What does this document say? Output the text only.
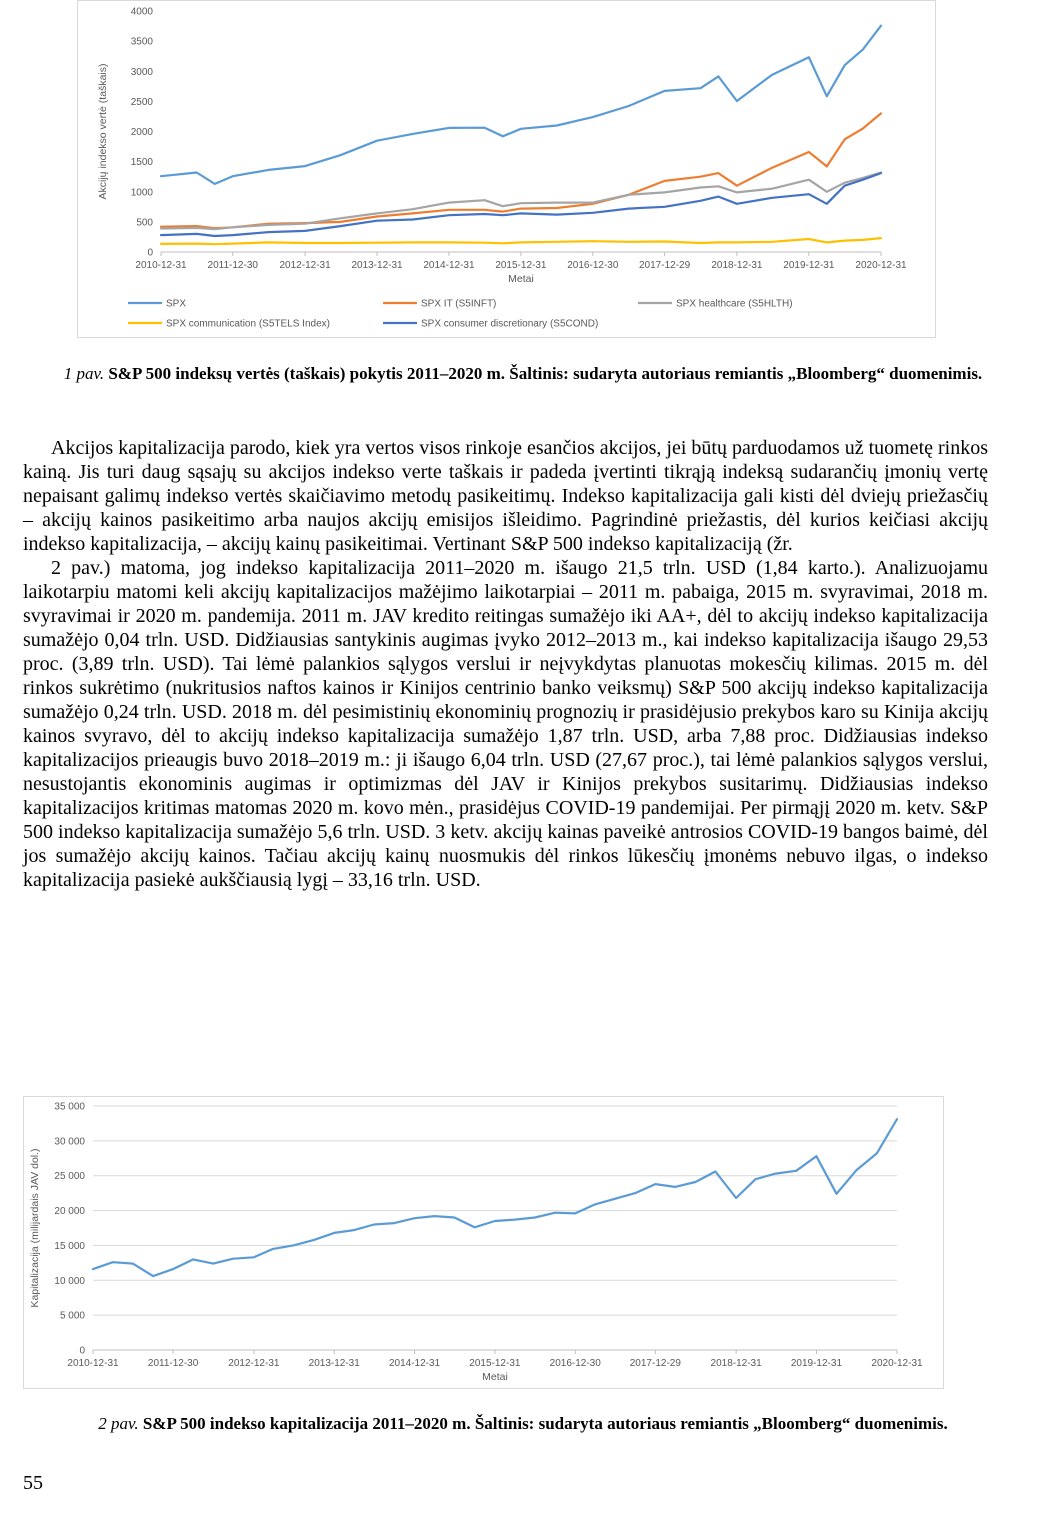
0
500
1000
1500
2000
2500
3000
3500
4000
2010-12-31 2011-12-30 2012-12-31 2013-12-31 2014-12-31 2015-12-31 2016-12-30 2017-12-29 2018-12-31 2019-12-31 2020-12-31
Metai
Akcijų indekso vertė (taškais)
SPX	SPX IT (S5INFT)	SPX healthcare (S5HLTH)
SPX communication (S5TELS Index)	SPX consumer discretionary (S5COND)
1 pav. S&P 500 indeksų vertės (taškais) pokytis 2011–2020 m. Šaltinis: sudaryta autoriaus remiantis „Bloomberg“ duomenimis.

Akcijos kapitalizacija parodo, kiek yra vertos visos rinkoje esančios akcijos, jei būtų parduodamos už tuometę rinkos kainą. Jis turi daug sąsajų su akcijos indekso verte taškais ir padeda įvertinti tikrąją indeksą sudarančių įmonių vertę nepaisant galimų indekso vertės skaičiavimo metodų pasikeitimų. Indekso kapitalizacija gali kisti dėl dviejų priežasčių – akcijų kainos pasikeitimo arba naujos akcijų emisijos išleidimo. Pagrindinė priežastis, dėl kurios keičiasi akcijų indekso kapitalizacija, – akcijų kainų pasikeitimai. Vertinant S&P 500 indekso kapitalizaciją (žr.

2 pav.) matoma, jog indekso kapitalizacija 2011–2020 m. išaugo 21,5 trln. USD (1,84 karto.). Analizuojamu laikotarpiu matomi keli akcijų kapitalizacijos mažėjimo laikotarpiai – 2011 m. pabaiga, 2015 m. svyravimai, 2018 m. svyravimai ir 2020 m. pandemija. 2011 m. JAV kredito reitingas sumažėjo iki AA+, dėl to akcijų indekso kapitalizacija sumažėjo 0,04 trln. USD. Didžiausias santykinis augimas įvyko 2012–2013 m., kai indekso kapitalizacija išaugo 29,53 proc. (3,89 trln. USD). Tai lėmė palankios sąlygos verslui ir neįvykdytas planuotas mokesčių kilimas. 2015 m. dėl rinkos sukrėtimo (nukritusios naftos kainos ir Kinijos centrinio banko veiksmų) S&P 500 akcijų indekso kapitalizacija sumažėjo 0,24 trln. USD. 2018 m. dėl pesimistinių ekonominių prognozių ir prasidėjusio prekybos karo su Kinija akcijų kainos svyravo, dėl to akcijų indekso kapitalizacija sumažėjo 1,87 trln. USD, arba 7,88 proc. Didžiausias indekso kapitalizacijos prieaugis buvo 2018–2019 m.: ji išaugo 6,04 trln. USD (27,67 proc.), tai lėmė palankios sąlygos verslui, nesustojantis ekonominis augimas ir optimizmas dėl JAV ir Kinijos prekybos susitarimų. Didžiausias indekso kapitalizacijos kritimas matomas 2020 m. kovo mėn., prasidėjus COVID-19 pandemijai. Per pirmąjį 2020 m. ketv. S&P 500 indekso kapitalizacija sumažėjo 5,6 trln. USD. 3 ketv. akcijų kainas paveikė antrosios COVID-19 bangos baimė, dėl jos sumažėjo akcijų kainos. Tačiau akcijų kainų nuosmukis dėl rinkos lūkesčių įmonėms nebuvo ilgas, o indekso kapitalizacija pasiekė aukščiausią lygį – 33,16 trln. USD.

0
5 000
10 000
15 000
20 000
25 000
30 000
35 000
2010-12-31	2011-12-30	2012-12-31	2013-12-31	2014-12-31	2015-12-31	2016-12-30	2017-12-29	2018-12-31	2019-12-31	2020-12-31
Metai
Kapitalizacija (milijardais JAV dol.)
2 pav. S&P 500 indekso kapitalizacija 2011–2020 m. Šaltinis: sudaryta autoriaus remiantis „Bloomberg“ duomenimis.
55
